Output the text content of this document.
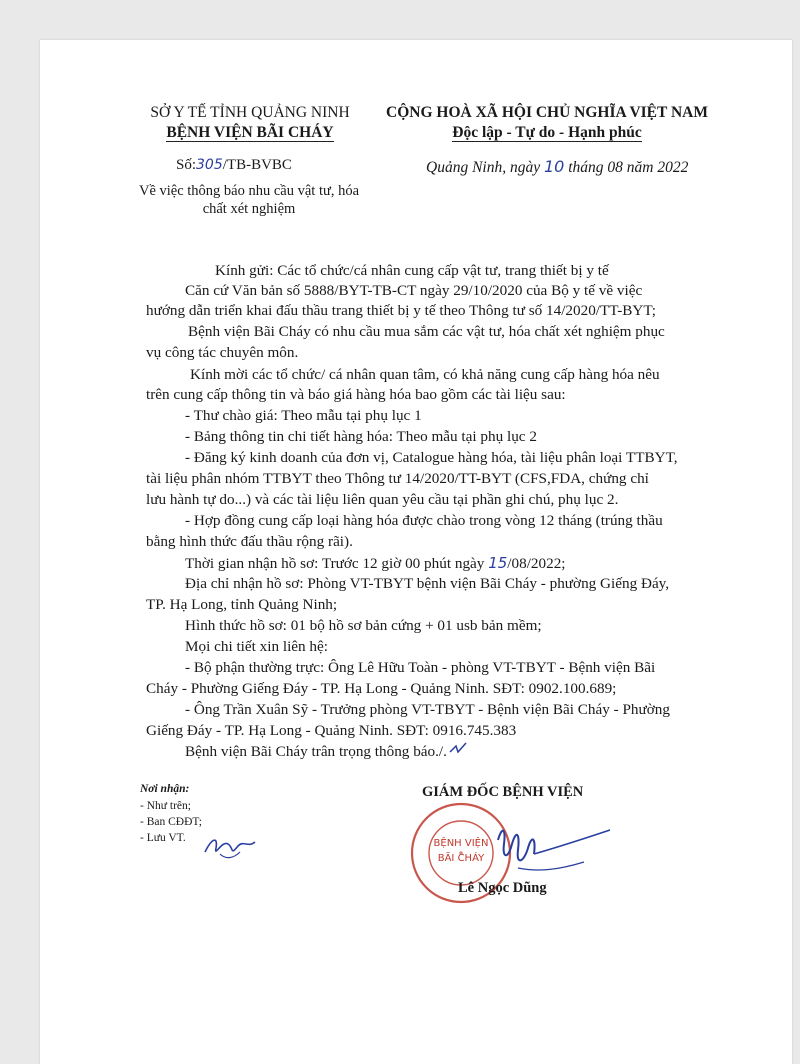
SỞ Y TẾ TỈNH QUẢNG NINH
BỆNH VIỆN BÃI CHÁY
Số:305/TB-BVBC
Về việc thông báo nhu cầu vật tư, hóa
chất xét nghiệm
CỘNG HOÀ XÃ HỘI CHỦ NGHĨA VIỆT NAM
Độc lập - Tự do - Hạnh phúc
Quảng Ninh, ngày 10 tháng 08 năm 2022
Kính gửi: Các tổ chức/cá nhân cung cấp vật tư, trang thiết bị y tế
Căn cứ Văn bản số 5888/BYT-TB-CT ngày 29/10/2020 của Bộ y tế về việc
hướng dẫn triển khai đấu thầu trang thiết bị y tế theo Thông tư số 14/2020/TT-BYT;
Bệnh viện Bãi Cháy có nhu cầu mua sắm các vật tư, hóa chất xét nghiệm phục
vụ công tác chuyên môn.
Kính mời các tổ chức/ cá nhân quan tâm, có khả năng cung cấp hàng hóa nêu
trên cung cấp thông tin và báo giá hàng hóa bao gồm các tài liệu sau:
- Thư chào giá: Theo mẫu tại phụ lục 1
- Bảng thông tin chi tiết hàng hóa: Theo mẫu tại phụ lục 2
- Đăng ký kinh doanh của đơn vị, Catalogue hàng hóa, tài liệu phân loại TTBYT,
tài liệu phân nhóm TTBYT theo Thông tư 14/2020/TT-BYT (CFS,FDA, chứng chỉ
lưu hành tự do...) và các tài liệu liên quan yêu cầu tại phần ghi chú, phụ lục 2.
- Hợp đồng cung cấp loại hàng hóa được chào trong vòng 12 tháng (trúng thầu
bằng hình thức đấu thầu rộng rãi).
Thời gian nhận hồ sơ: Trước 12 giờ 00 phút ngày 15/08/2022;
Địa chỉ nhận hồ sơ: Phòng VT-TBYT bệnh viện Bãi Cháy - phường Giếng Đáy,
TP. Hạ Long, tỉnh Quảng Ninh;
Hình thức hồ sơ: 01 bộ hồ sơ bản cứng + 01 usb bản mềm;
Mọi chi tiết xin liên hệ:
- Bộ phận thường trực: Ông Lê Hữu Toàn - phòng VT-TBYT - Bệnh viện Bãi
Cháy - Phường Giếng Đáy - TP. Hạ Long - Quảng Ninh. SĐT: 0902.100.689;
- Ông Trần Xuân Sỹ - Trưởng phòng VT-TBYT - Bệnh viện Bãi Cháy - Phường
Giếng Đáy - TP. Hạ Long - Quảng Ninh. SĐT: 0916.745.383
Bệnh viện Bãi Cháy trân trọng thông báo./.
Nơi nhận:
- Như trên;
- Ban CĐĐT;
- Lưu VT.
GIÁM ĐỐC BỆNH VIỆN
BỆNH VIỆN
BÃI CHÁY
Lê Ngọc Dũng
